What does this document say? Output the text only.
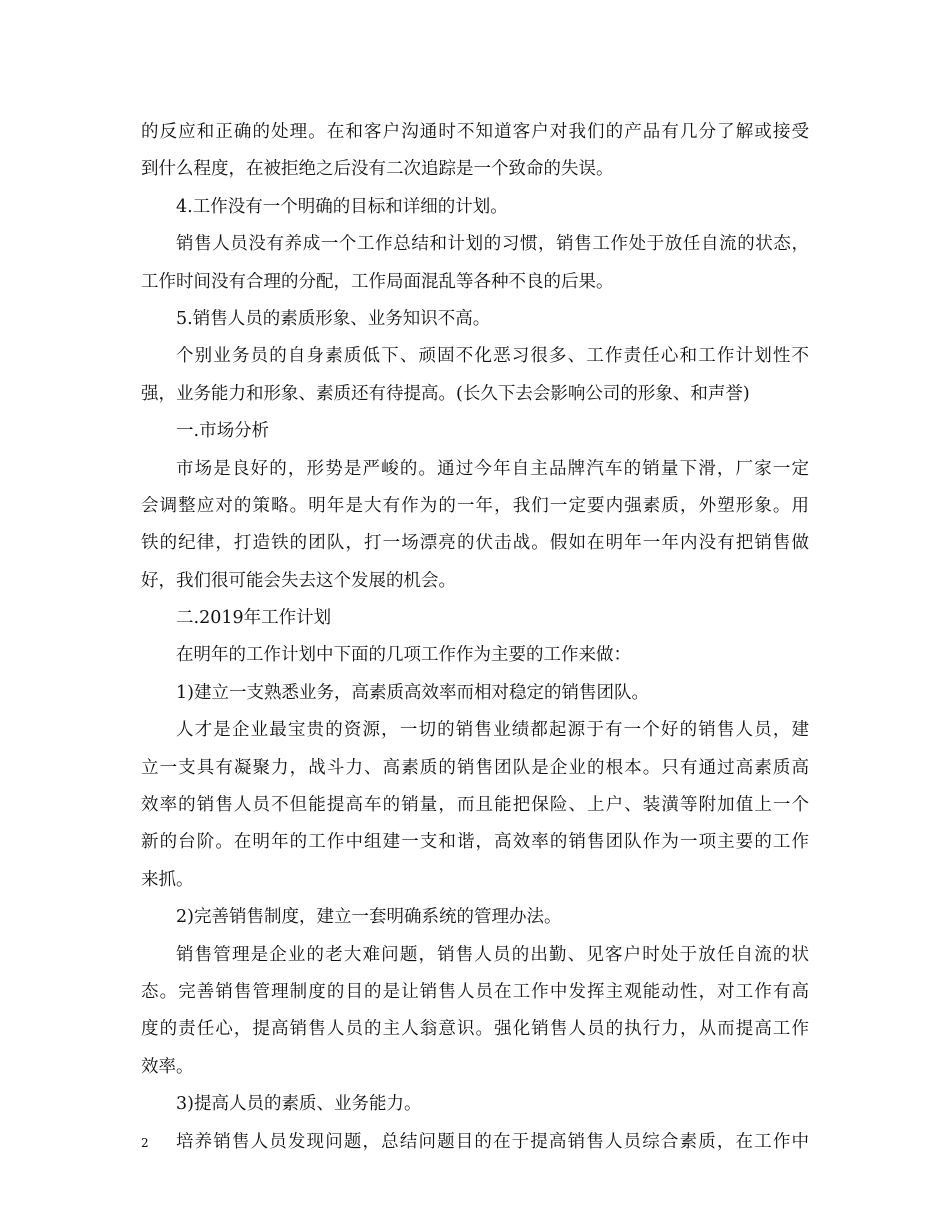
的反应和正确的处理。在和客户沟通时不知道客户对我们的产品有几分了解或接受
到什么程度，在被拒绝之后没有二次追踪是一个致命的失误。
4.工作没有一个明确的目标和详细的计划。
销售人员没有养成一个工作总结和计划的习惯，销售工作处于放任自流的状态，
工作时间没有合理的分配，工作局面混乱等各种不良的后果。
5.销售人员的素质形象、业务知识不高。
个别业务员的自身素质低下、顽固不化恶习很多、工作责任心和工作计划性不
强，业务能力和形象、素质还有待提高。(长久下去会影响公司的形象、和声誉)
一.市场分析
市场是良好的，形势是严峻的。通过今年自主品牌汽车的销量下滑，厂家一定
会调整应对的策略。明年是大有作为的一年，我们一定要内强素质，外塑形象。用
铁的纪律，打造铁的团队，打一场漂亮的伏击战。假如在明年一年内没有把销售做
好，我们很可能会失去这个发展的机会。
二.2019年工作计划
在明年的工作计划中下面的几项工作作为主要的工作来做：
1)建立一支熟悉业务，高素质高效率而相对稳定的销售团队。
人才是企业最宝贵的资源，一切的销售业绩都起源于有一个好的销售人员，建
立一支具有凝聚力，战斗力、高素质的销售团队是企业的根本。只有通过高素质高
效率的销售人员不但能提高车的销量，而且能把保险、上户、装潢等附加值上一个
新的台阶。在明年的工作中组建一支和谐，高效率的销售团队作为一项主要的工作
来抓。
2)完善销售制度，建立一套明确系统的管理办法。
销售管理是企业的老大难问题，销售人员的出勤、见客户时处于放任自流的状
态。完善销售管理制度的目的是让销售人员在工作中发挥主观能动性，对工作有高
度的责任心，提高销售人员的主人翁意识。强化销售人员的执行力，从而提高工作
效率。
3)提高人员的素质、业务能力。
培养销售人员发现问题，总结问题目的在于提高销售人员综合素质，在工作中
2
